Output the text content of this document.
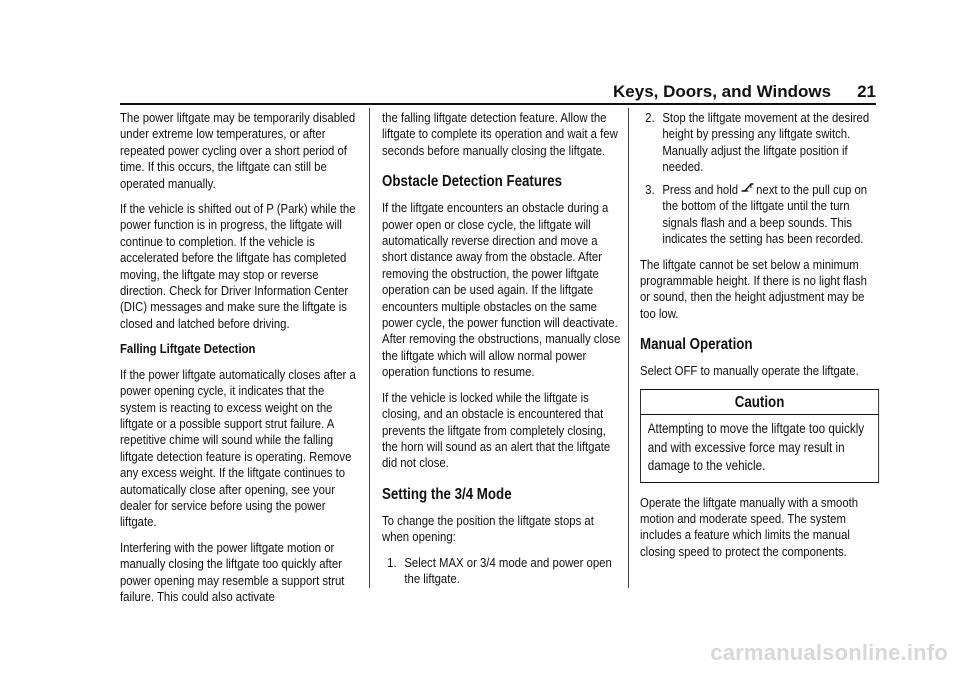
Keys, Doors, and Windows 21

The power liftgate may be temporarily disabled under extreme low temperatures, or after repeated power cycling over a short period of time. If this occurs, the liftgate can still be operated manually.

If the vehicle is shifted out of P (Park) while the power function is in progress, the liftgate will continue to completion. If the vehicle is accelerated before the liftgate has completed moving, the liftgate may stop or reverse direction. Check for Driver Information Center (DIC) messages and make sure the liftgate is closed and latched before driving.

Falling Liftgate Detection

If the power liftgate automatically closes after a power opening cycle, it indicates that the system is reacting to excess weight on the liftgate or a possible support strut failure. A repetitive chime will sound while the falling liftgate detection feature is operating. Remove any excess weight. If the liftgate continues to automatically close after opening, see your dealer for service before using the power liftgate.

Interfering with the power liftgate motion or manually closing the liftgate too quickly after power opening may resemble a support strut failure. This could also activate

the falling liftgate detection feature. Allow the liftgate to complete its operation and wait a few seconds before manually closing the liftgate.

Obstacle Detection Features

If the liftgate encounters an obstacle during a power open or close cycle, the liftgate will automatically reverse direction and move a short distance away from the obstacle. After removing the obstruction, the power liftgate operation can be used again. If the liftgate encounters multiple obstacles on the same power cycle, the power function will deactivate. After removing the obstructions, manually close the liftgate which will allow normal power operation functions to resume.

If the vehicle is locked while the liftgate is closing, and an obstacle is encountered that prevents the liftgate from completely closing, the horn will sound as an alert that the liftgate did not close.

Setting the 3/4 Mode

To change the position the liftgate stops at when opening:

1. Select MAX or 3/4 mode and power open the liftgate.
2. Stop the liftgate movement at the desired height by pressing any liftgate switch. Manually adjust the liftgate position if needed.
3. Press and hold next to the pull cup on the bottom of the liftgate until the turn signals flash and a beep sounds. This indicates the setting has been recorded.

The liftgate cannot be set below a minimum programmable height. If there is no light flash or sound, then the height adjustment may be too low.

Manual Operation

Select OFF to manually operate the liftgate.

Caution
Attempting to move the liftgate too quickly and with excessive force may result in damage to the vehicle.

Operate the liftgate manually with a smooth motion and moderate speed. The system includes a feature which limits the manual closing speed to protect the components.

carmanualsonline.info
